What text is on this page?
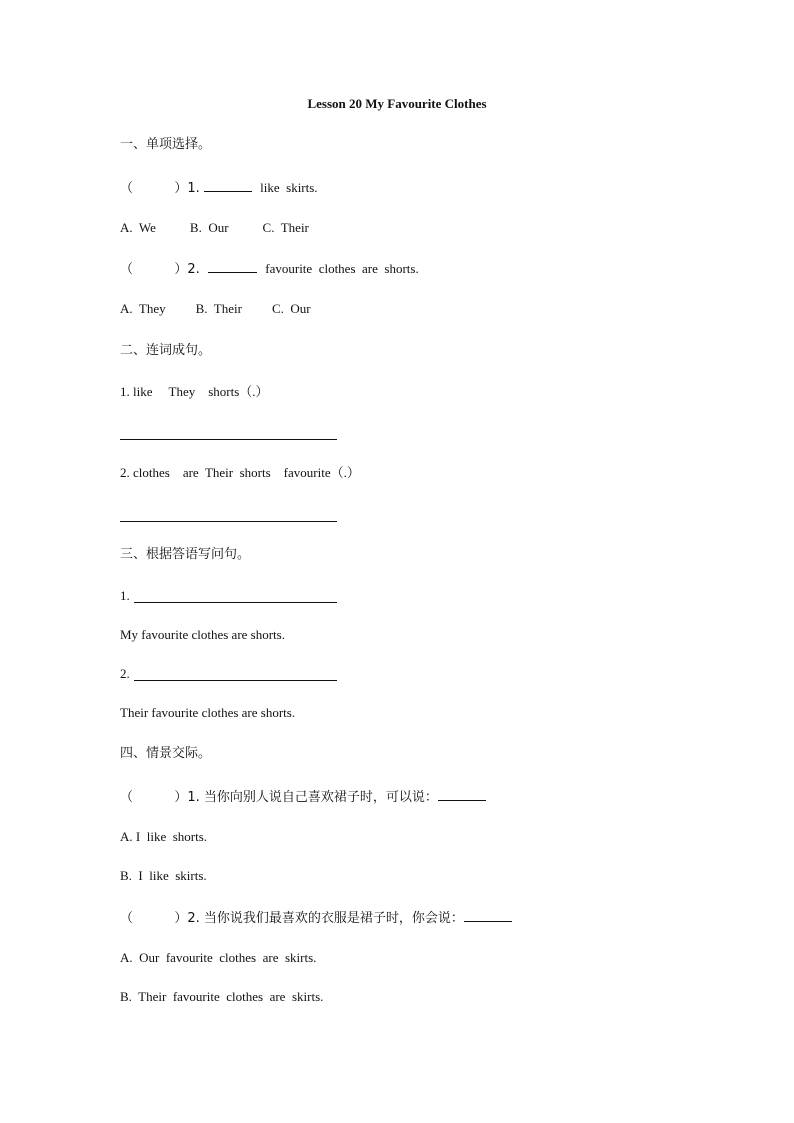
Lesson 20 My Favourite Clothes
一、单项选择。
（          ）1.	like  skirts.
A.  We	B.  Our	C.  Their
（          ）2.	favourite  clothes  are  shorts.
A.  They B.  Their C.  Our
二、连词成句。
1. like     They    shorts（.）
2. clothes    are  Their  shorts    favourite（.）
三、根据答语写问句。
1.
My favourite clothes are shorts.
2.
Their favourite clothes are shorts.
四、情景交际。
（          ）1. 当你向别人说自己喜欢裙子时，可以说：
A. I  like  shorts.
B.  I  like  skirts.
（          ）2. 当你说我们最喜欢的衣服是裙子时，你会说：
A.  Our  favourite  clothes  are  skirts.
B.  Their  favourite  clothes  are  skirts.
